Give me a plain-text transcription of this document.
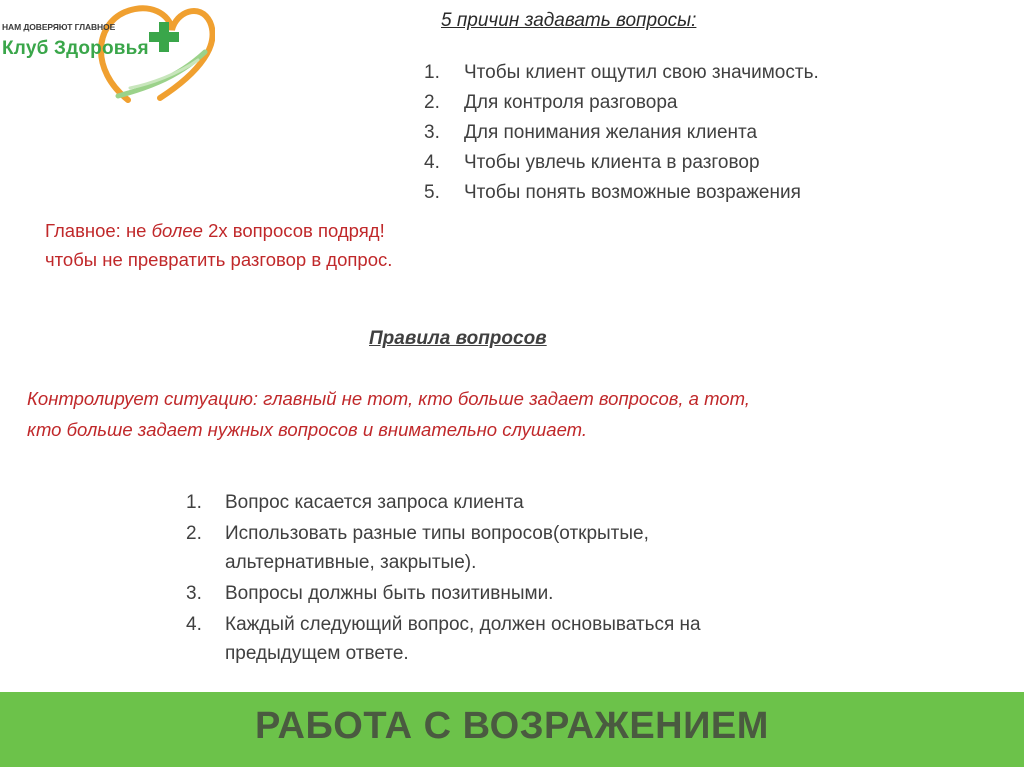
НАМ ДОВЕРЯЮТ ГЛАВНОЕ
Клуб Здоровья
5 причин задавать вопросы:
1. Чтобы клиент ощутил свою значимость.
2. Для контроля разговора
3. Для понимания желания клиента
4. Чтобы увлечь клиента в разговор
5. Чтобы понять возможные возражения

Главное: не более 2х вопросов подряд!

чтобы не превратить разговор в допрос.

Правила вопросов

Контролирует ситуацию: главный не тот, кто больше задает вопросов, а тот,

кто больше задает нужных вопросов и внимательно слушает.

1. Вопрос касается запроса клиента
2. Использовать разные типы вопросов(открытые,
альтернативные, закрытые).
3. Вопросы должны быть позитивными.
4. Каждый следующий вопрос, должен основываться на
предыдущем ответе.
РАБОТА С ВОЗРАЖЕНИЕМ
